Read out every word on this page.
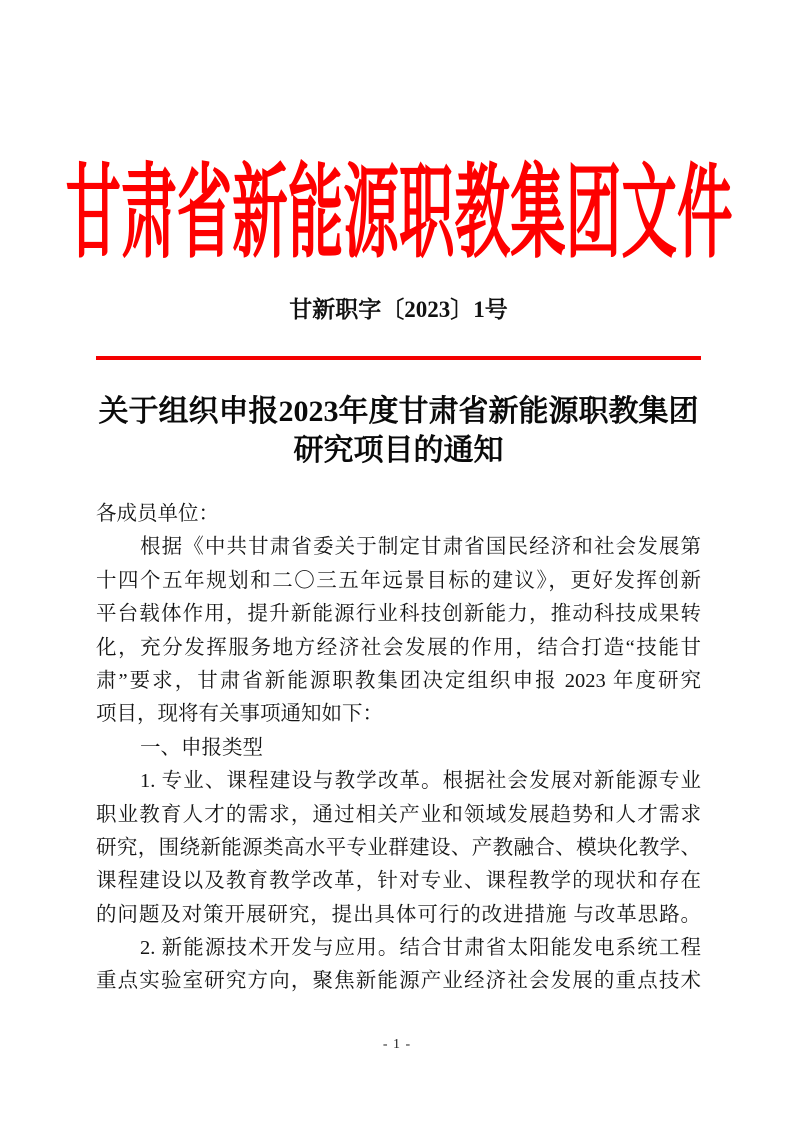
甘肃省新能源职教集团文件
甘新职字〔2023〕1号
关于组织申报2023年度甘肃省新能源职教集团
研究项目的通知
各成员单位：
根据《中共甘肃省委关于制定甘肃省国民经济和社会发展第
十四个五年规划和二〇三五年远景目标的建议》，更好发挥创新
平台载体作用，提升新能源行业科技创新能力，推动科技成果转
化，充分发挥服务地方经济社会发展的作用，结合打造“技能甘
肃”要求，甘肃省新能源职教集团决定组织申报 2023 年度研究
项目，现将有关事项通知如下：
一、申报类型
1. 专业、课程建设与教学改革。根据社会发展对新能源专业
职业教育人才的需求，通过相关产业和领域发展趋势和人才需求
研究，围绕新能源类高水平专业群建设、产教融合、模块化教学、
课程建设以及教育教学改革，针对专业、课程教学的现状和存在
的问题及对策开展研究，提出具体可行的改进措施 与改革思路。
2. 新能源技术开发与应用。结合甘肃省太阳能发电系统工程
重点实验室研究方向，聚焦新能源产业经济社会发展的重点技术
- 1 -
